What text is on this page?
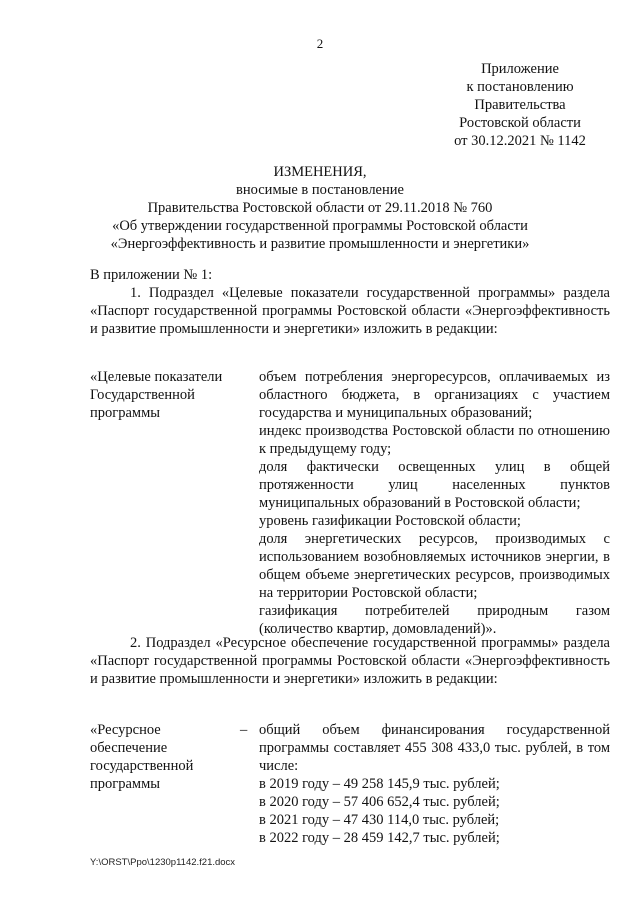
2
Приложение
к постановлению
Правительства
Ростовской области
от 30.12.2021 № 1142
ИЗМЕНЕНИЯ,
вносимые в постановление
Правительства Ростовской области от 29.11.2018 № 760
«Об утверждении государственной программы Ростовской области
«Энергоэффективность и развитие промышленности и энергетики»
В приложении № 1:
1. Подраздел «Целевые показатели государственной программы» раздела «Паспорт государственной программы Ростовской области «Энергоэффективность и развитие промышленности и энергетики» изложить в редакции:
«Целевые показатели
Государственной
программы
объем потребления энергоресурсов, оплачиваемых из областного бюджета, в организациях с участием государства и муниципальных образований;
индекс производства Ростовской области по отношению к предыдущему году;
доля фактически освещенных улиц в общей протяженности улиц населенных пунктов муниципальных образований в Ростовской области;
уровень газификации Ростовской области;
доля энергетических ресурсов, производимых с использованием возобновляемых источников энергии, в общем объеме энергетических ресурсов, производимых на территории Ростовской области;
газификация потребителей природным газом (количество квартир, домовладений)».
2. Подраздел «Ресурсное обеспечение государственной программы» раздела «Паспорт государственной программы Ростовской области «Энергоэффективность и развитие промышленности и энергетики» изложить в редакции:
«Ресурсное
обеспечение
государственной
программы
– общий объем финансирования государственной программы составляет 455 308 433,0 тыс. рублей, в том числе:
в 2019 году – 49 258 145,9 тыс. рублей;
в 2020 году – 57 406 652,4 тыс. рублей;
в 2021 году – 47 430 114,0 тыс. рублей;
в 2022 году – 28 459 142,7 тыс. рублей;
Y:\ORST\Ppo\1230p1142.f21.docx
